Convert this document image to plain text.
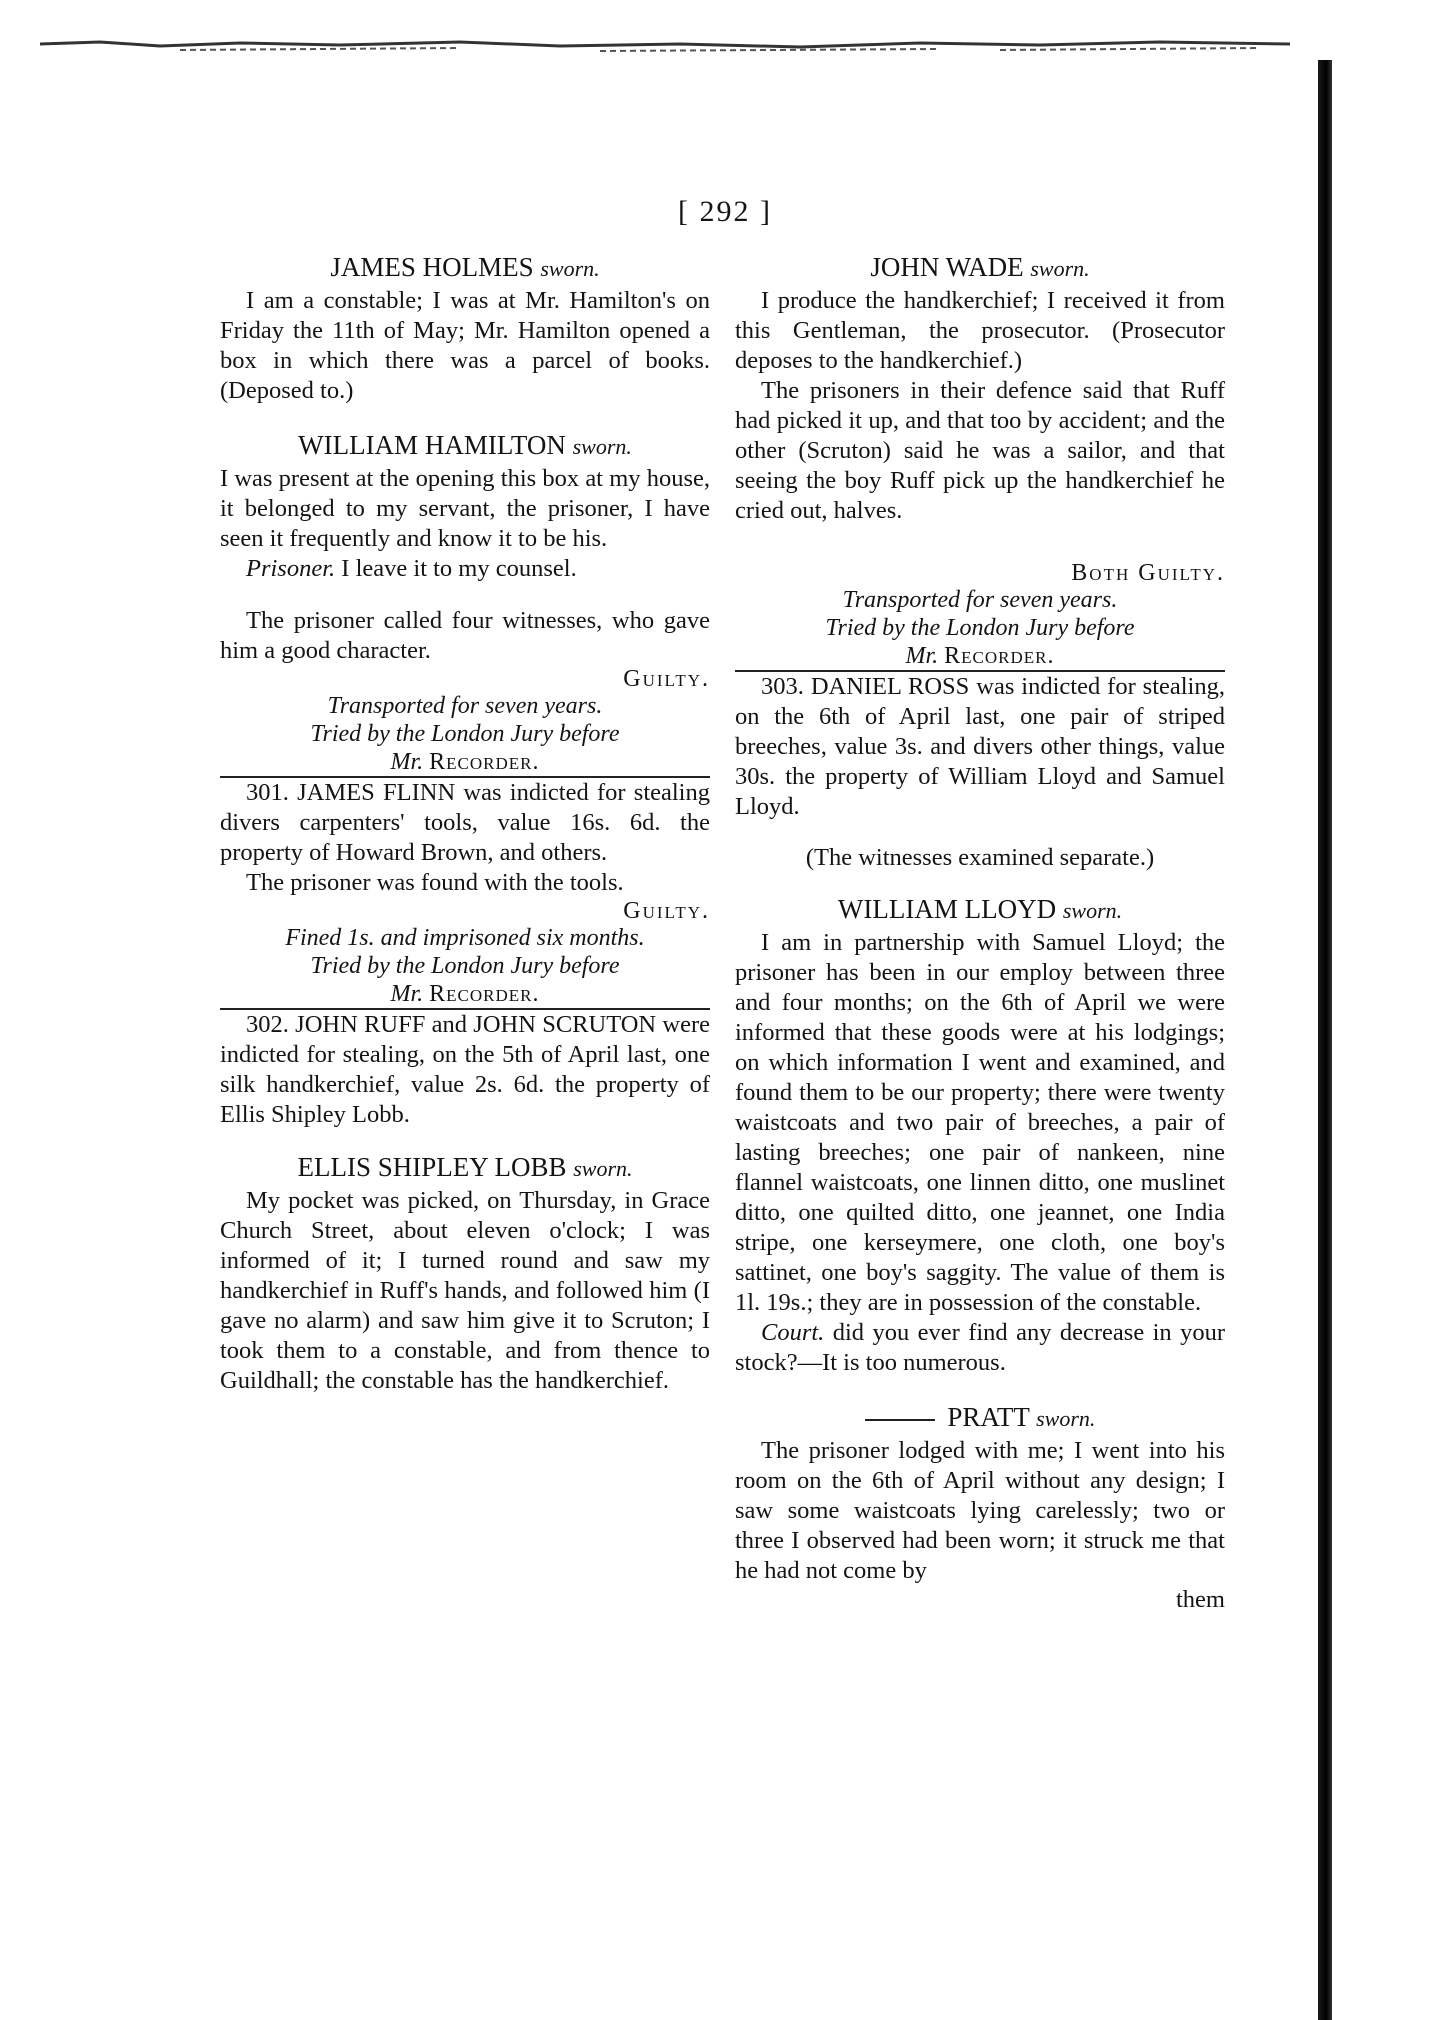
[ 292 ]
JAMES HOLMES sworn.

I am a constable; I was at Mr. Hamilton's on Friday the 11th of May; Mr. Hamilton opened a box in which there was a parcel of books. (Deposed to.)

WILLIAM HAMILTON sworn.

I was present at the opening this box at my house, it belonged to my servant, the prisoner, I have seen it frequently and know it to be his.

Prisoner. I leave it to my counsel.

The prisoner called four witnesses, who gave him a good character.

Guilty.
Transported for seven years.
Tried by the London Jury before
Mr. Recorder.

301. JAMES FLINN was indicted for stealing divers carpenters' tools, value 16s. 6d. the property of Howard Brown, and others.

The prisoner was found with the tools.

Guilty.
Fined 1s. and imprisoned six months.
Tried by the London Jury before
Mr. Recorder.

302. JOHN RUFF and JOHN SCRUTON were indicted for stealing, on the 5th of April last, one silk handkerchief, value 2s. 6d. the property of Ellis Shipley Lobb.

ELLIS SHIPLEY LOBB sworn.

My pocket was picked, on Thursday, in Grace Church Street, about eleven o'clock; I was informed of it; I turned round and saw my handkerchief in Ruff's hands, and followed him (I gave no alarm) and saw him give it to Scruton; I took them to a constable, and from thence to Guildhall; the constable has the handkerchief.

JOHN WADE sworn.

I produce the handkerchief; I received it from this Gentleman, the prosecutor. (Prosecutor deposes to the handkerchief.)

The prisoners in their defence said that Ruff had picked it up, and that too by accident; and the other (Scruton) said he was a sailor, and that seeing the boy Ruff pick up the handkerchief he cried out, halves.

Both Guilty.
Transported for seven years.
Tried by the London Jury before
Mr. Recorder.

303. DANIEL ROSS was indicted for stealing, on the 6th of April last, one pair of striped breeches, value 3s. and divers other things, value 30s. the property of William Lloyd and Samuel Lloyd.

(The witnesses examined separate.)

WILLIAM LLOYD sworn.

I am in partnership with Samuel Lloyd; the prisoner has been in our employ between three and four months; on the 6th of April we were informed that these goods were at his lodgings; on which information I went and examined, and found them to be our property; there were twenty waistcoats and two pair of breeches, a pair of lasting breeches; one pair of nankeen, nine flannel waistcoats, one linnen ditto, one muslinet ditto, one quilted ditto, one jeannet, one India stripe, one kerseymere, one cloth, one boy's sattinet, one boy's saggity. The value of them is 1l. 19s.; they are in possession of the constable.

Court. did you ever find any decrease in your stock?—It is too numerous.

PRATT sworn.

The prisoner lodged with me; I went into his room on the 6th of April without any design; I saw some waistcoats lying carelessly; two or three I observed had been worn; it struck me that he had not come by

them
